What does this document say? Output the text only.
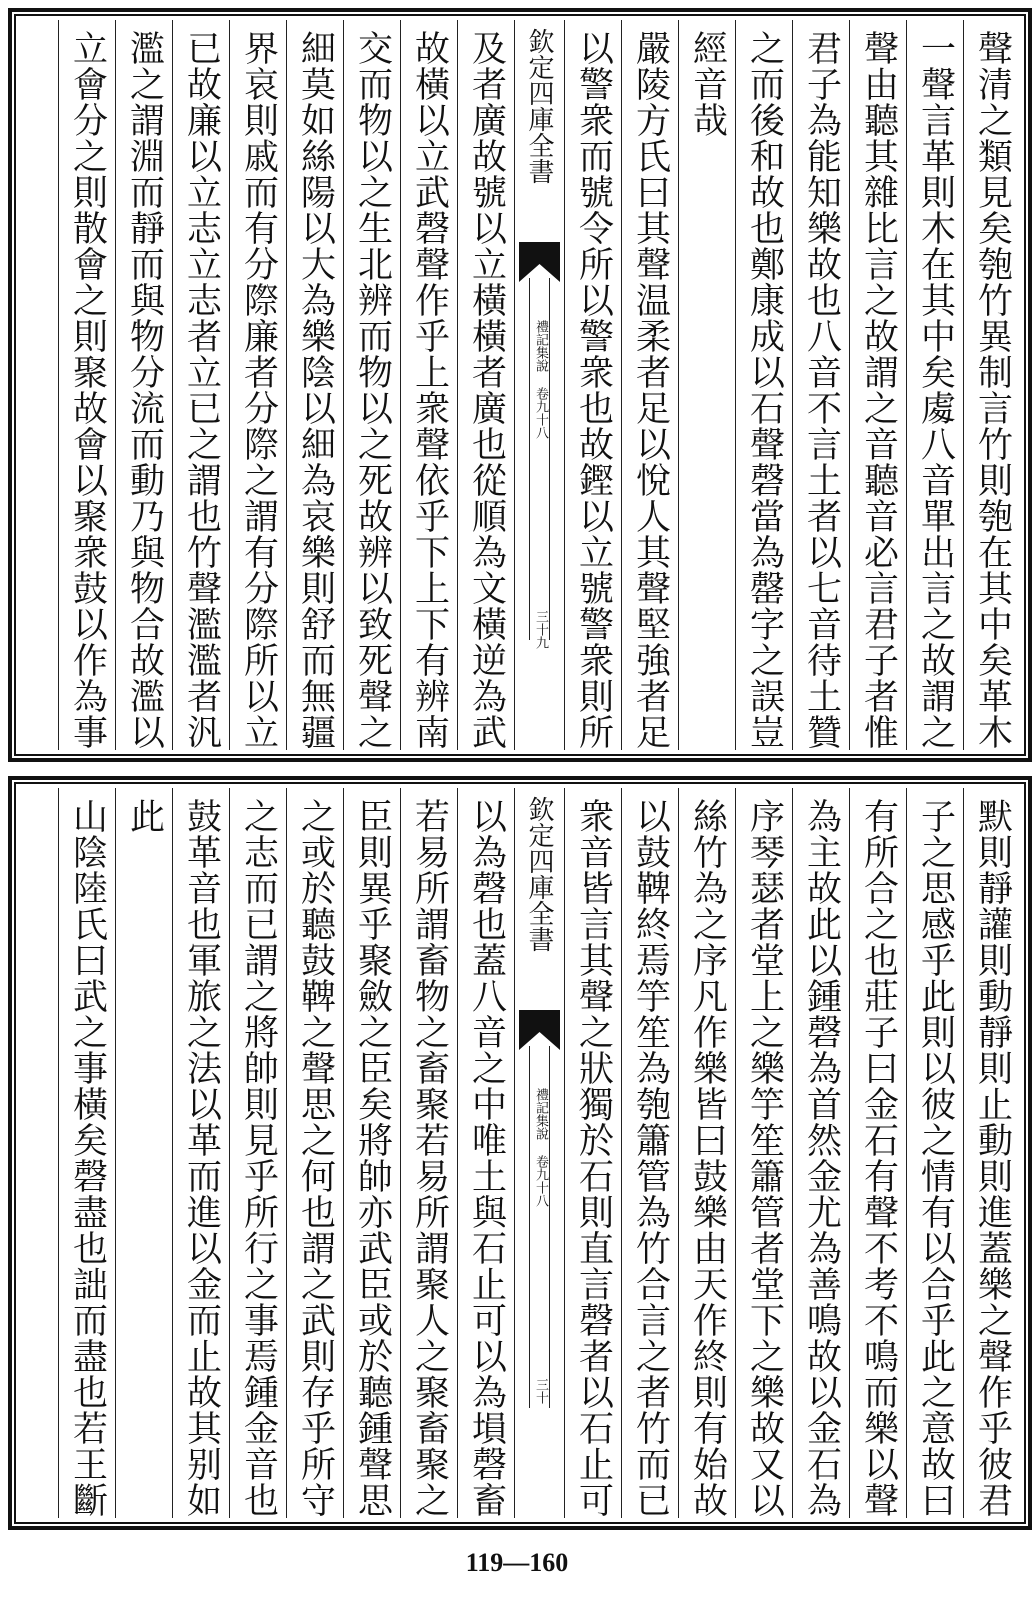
聲清之類見矣匏竹異制言竹則匏在其中矣革木
一聲言革則木在其中矣䖏八音單出言之故謂之
聲由聽其雜比言之故謂之音聽音必言君子者惟
君子為能知樂故也八音不言土者以七音待土贊
之而後和故也鄭康成以石聲磬當為罄字之誤豈
經音哉
嚴陵方氏曰其聲温柔者足以悅人其聲堅強者足
以警衆而號令所以警衆也故鏗以立號警衆則所
欽定四庫全書
禮記集說 卷九十八
三十九
及者廣故號以立橫橫者廣也從順為文橫逆為武
故橫以立武磬聲作乎上衆聲依乎下上下有辨南
交而物以之生北辨而物以之死故辨以致死聲之
細莫如絲陽以大為樂陰以細為哀樂則舒而無疆
界哀則戚而有分際廉者分際之謂有分際所以立
已故廉以立志立志者立已之謂也竹聲濫濫者汎
濫之謂淵而靜而與物分流而動乃與物合故濫以
立會分之則散會之則聚故會以聚衆鼓以作為事
默則靜讙則動靜則止動則進蓋樂之聲作乎彼君
子之思感乎此則以彼之情有以合乎此之意故曰
有所合之也莊子曰金石有聲不考不鳴而樂以聲
為主故此以鍾磬為首然金尤為善鳴故以金石為
序琴瑟者堂上之樂竽笙簫管者堂下之樂故又以
絲竹為之序凡作樂皆曰鼓樂由天作終則有始故
以鼓鞞終焉竽笙為匏簫管為竹合言之者竹而已
衆音皆言其聲之狀獨於石則直言磬者以石止可
欽定四庫全書
禮記集說 卷九十八
三十
以為磬也蓋八音之中唯土與石止可以為塤磬畜
若易所謂畜物之畜聚若易所謂聚人之聚畜聚之
臣則異乎聚斂之臣矣將帥亦武臣或於聽鍾聲思
之或於聽鼓鞞之聲思之何也謂之武則存乎所守
之志而已謂之將帥則見乎所行之事焉鍾金音也
鼓革音也軍旅之法以革而進以金而止故其别如
此
山陰陸氏曰武之事橫矣磬盡也詘而盡也若王斷
119—160
